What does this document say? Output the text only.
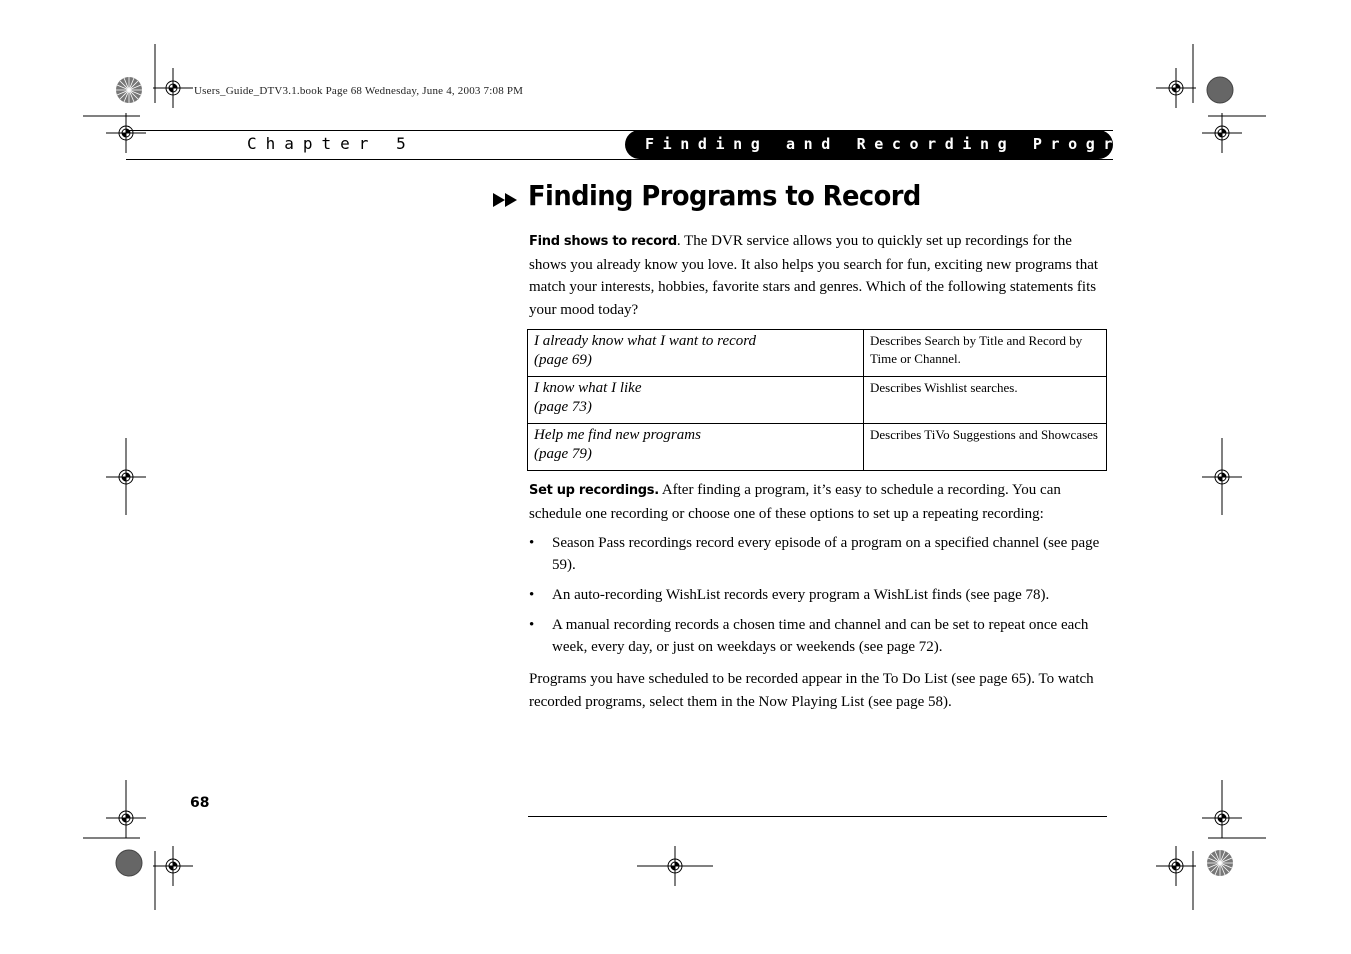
Users_Guide_DTV3.1.book Page 68 Wednesday, June 4, 2003 7:08 PM
Chapter 5	Finding and Recording Programs
Finding Programs to Record
Find shows to record. The DVR service allows you to quickly set up recordings for the shows you already know you love. It also helps you search for fun, exciting new programs that match your interests, hobbies, favorite stars and genres. Which of the following statements fits your mood today?
I already know what I want to record
(page 69)	Describes Search by Title and Record by Time or Channel.
I know what I like
(page 73)	Describes Wishlist searches.
Help me find new programs
(page 79)	Describes TiVo Suggestions and Showcases
Set up recordings. After finding a program, it’s easy to schedule a recording. You can schedule one recording or choose one of these options to set up a repeating recording:
• Season Pass recordings record every episode of a program on a specified channel (see page 59).
• An auto-recording WishList records every program a WishList finds (see page 78).
• A manual recording records a chosen time and channel and can be set to repeat once each week, every day, or just on weekdays or weekends (see page 72).
Programs you have scheduled to be recorded appear in the To Do List (see page 65). To watch recorded programs, select them in the Now Playing List (see page 58).
68
